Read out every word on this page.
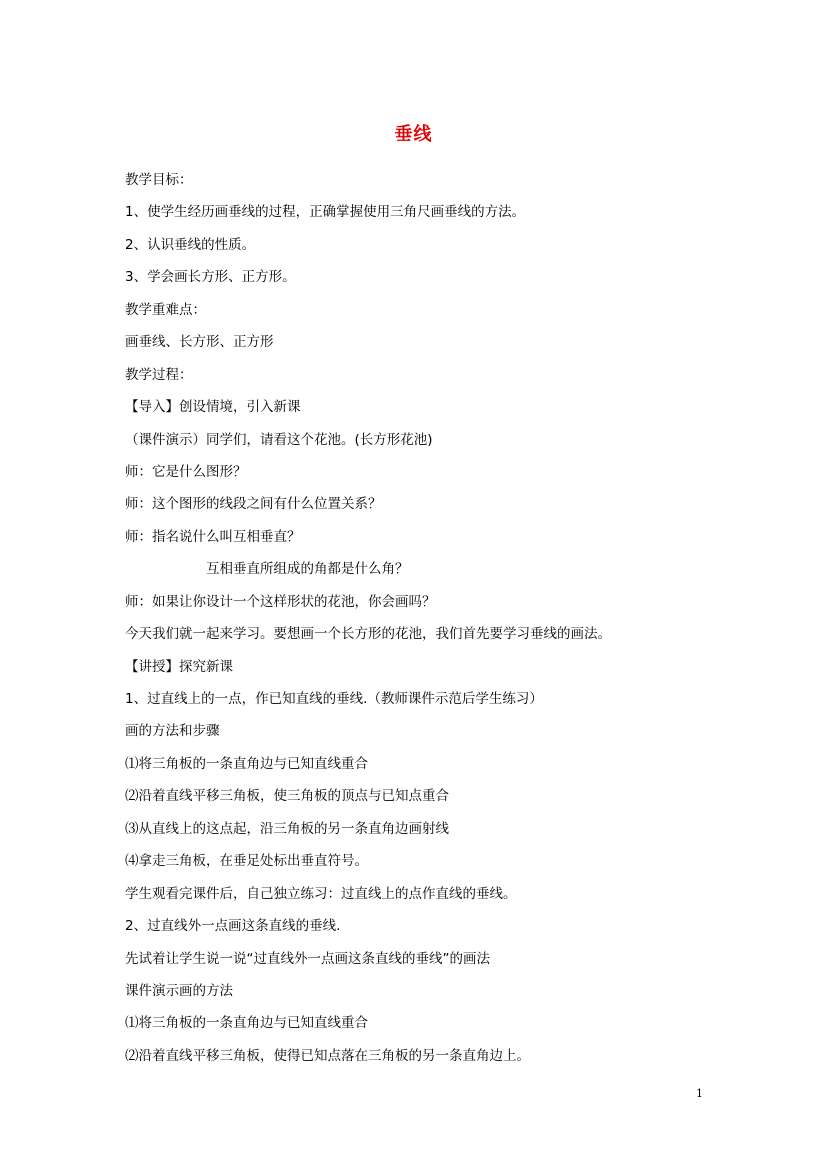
垂线
教学目标：
1、使学生经历画垂线的过程，正确掌握使用三角尺画垂线的方法。
2、认识垂线的性质。
3、学会画长方形、正方形。
教学重难点：
画垂线、长方形、正方形
教学过程：
【导入】创设情境，引入新课
（课件演示）同学们，请看这个花池。(长方形花池)
师：它是什么图形？
师：这个图形的线段之间有什么位置关系？
师：指名说什么叫互相垂直？
互相垂直所组成的角都是什么角？
师：如果让你设计一个这样形状的花池，你会画吗？
今天我们就一起来学习。要想画一个长方形的花池，我们首先要学习垂线的画法。
【讲授】探究新课
1、过直线上的一点，作已知直线的垂线.（教师课件示范后学生练习）
画的方法和步骤
⑴将三角板的一条直角边与已知直线重合
⑵沿着直线平移三角板，使三角板的顶点与已知点重合
⑶从直线上的这点起，沿三角板的另一条直角边画射线
⑷拿走三角板，在垂足处标出垂直符号。
学生观看完课件后，自己独立练习：过直线上的点作直线的垂线。
2、过直线外一点画这条直线的垂线.
先试着让学生说一说“过直线外一点画这条直线的垂线”的画法
课件演示画的方法
⑴将三角板的一条直角边与已知直线重合
⑵沿着直线平移三角板，使得已知点落在三角板的另一条直角边上。
1
